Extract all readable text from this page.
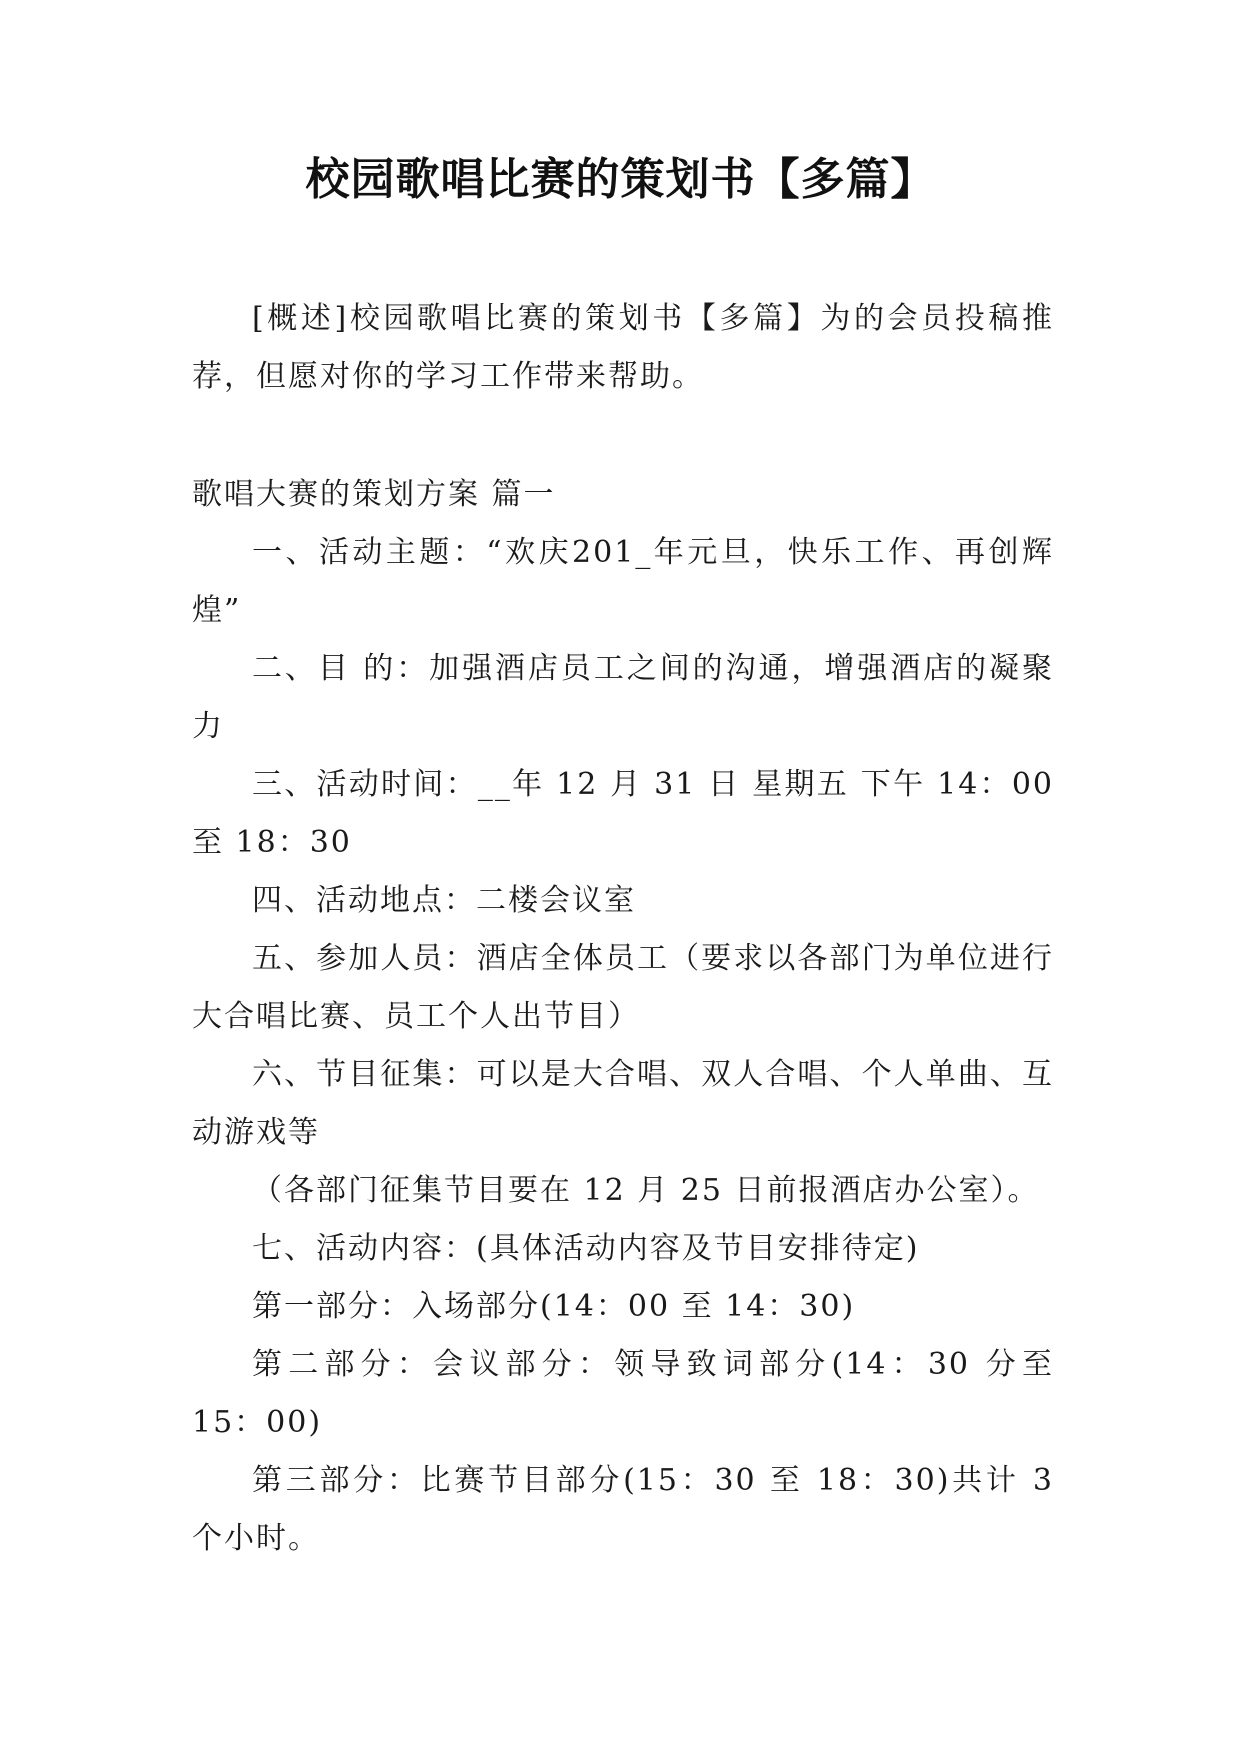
校园歌唱比赛的策划书【多篇】

[概述]校园歌唱比赛的策划书【多篇】为的会员投稿推荐，但愿对你的学习工作带来帮助。

歌唱大赛的策划方案 篇一

一、活动主题：“欢庆201_年元旦，快乐工作、再创辉煌”

二、目 的：加强酒店员工之间的沟通，增强酒店的凝聚力

三、活动时间：__年 12 月 31 日 星期五 下午 14：00 至 18：30

四、活动地点：二楼会议室

五、参加人员：酒店全体员工（要求以各部门为单位进行大合唱比赛、员工个人出节目）

六、节目征集：可以是大合唱、双人合唱、个人单曲、互动游戏等

（各部门征集节目要在 12 月 25 日前报酒店办公室）。

七、活动内容：(具体活动内容及节目安排待定)

第一部分：入场部分(14：00 至 14：30)

第二部分：会议部分：领导致词部分(14：30 分至 15：00)

第三部分：比赛节目部分(15：30 至 18：30)共计 3 个小时。
